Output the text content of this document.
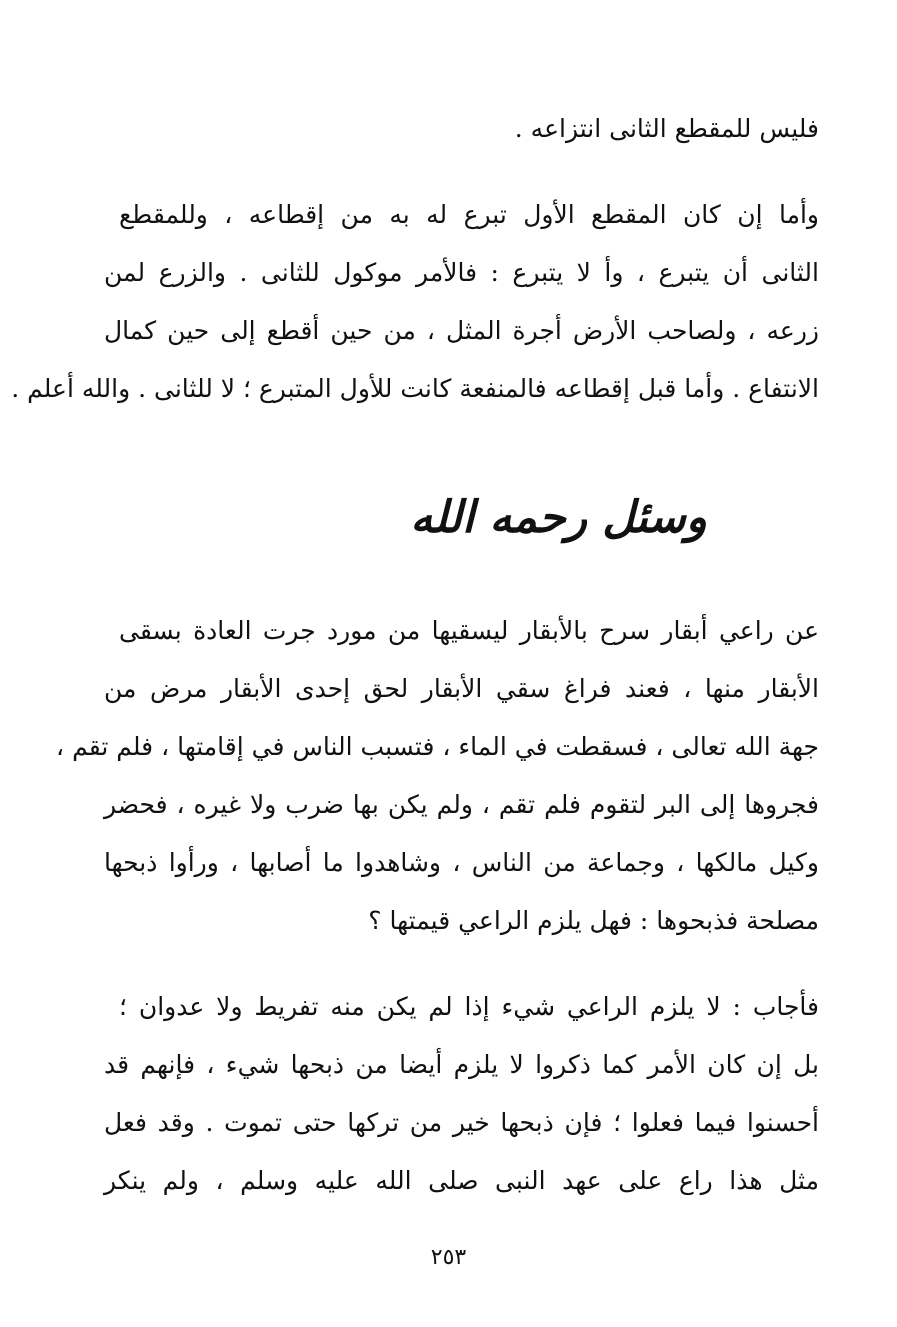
فليس للمقطع الثانى انتزاعه .
وأما إن كان المقطع الأول تبرع له به من إقطاعه ، وللمقطع
الثانى أن يتبرع ، وأ لا يتبرع : فالأمر موكول للثانى . والزرع لمن
زرعه ، ولصاحب الأرض أجرة المثل ، من حين أقطع إلى حين كمال
الانتفاع . وأما قبل إقطاعه فالمنفعة كانت للأول المتبرع ؛ لا للثانى . والله أعلم .
وسئل رحمه الله
عن راعي أبقار سرح بالأبقار ليسقيها من مورد جرت العادة بسقى
الأبقار منها ، فعند فراغ سقي الأبقار لحق إحدى الأبقار مرض من
جهة الله تعالى ، فسقطت في الماء ، فتسبب الناس في إقامتها ، فلم تقم ،
فجروها إلى البر لتقوم فلم تقم ، ولم يكن بها ضرب ولا غيره ، فحضر
وكيل مالكها ، وجماعة من الناس ، وشاهدوا ما أصابها ، ورأوا ذبحها
مصلحة فذبحوها : فهل يلزم الراعي قيمتها ؟
فأجاب : لا يلزم الراعي شيء إذا لم يكن منه تفريط ولا عدوان ؛
بل إن كان الأمر كما ذكروا لا يلزم أيضا من ذبحها شيء ، فإنهم قد
أحسنوا فيما فعلوا ؛ فإن ذبحها خير من تركها حتى تموت . وقد فعل
مثل هذا راع على عهد النبى صلى الله عليه وسلم ، ولم ينكر
٢٥٣
